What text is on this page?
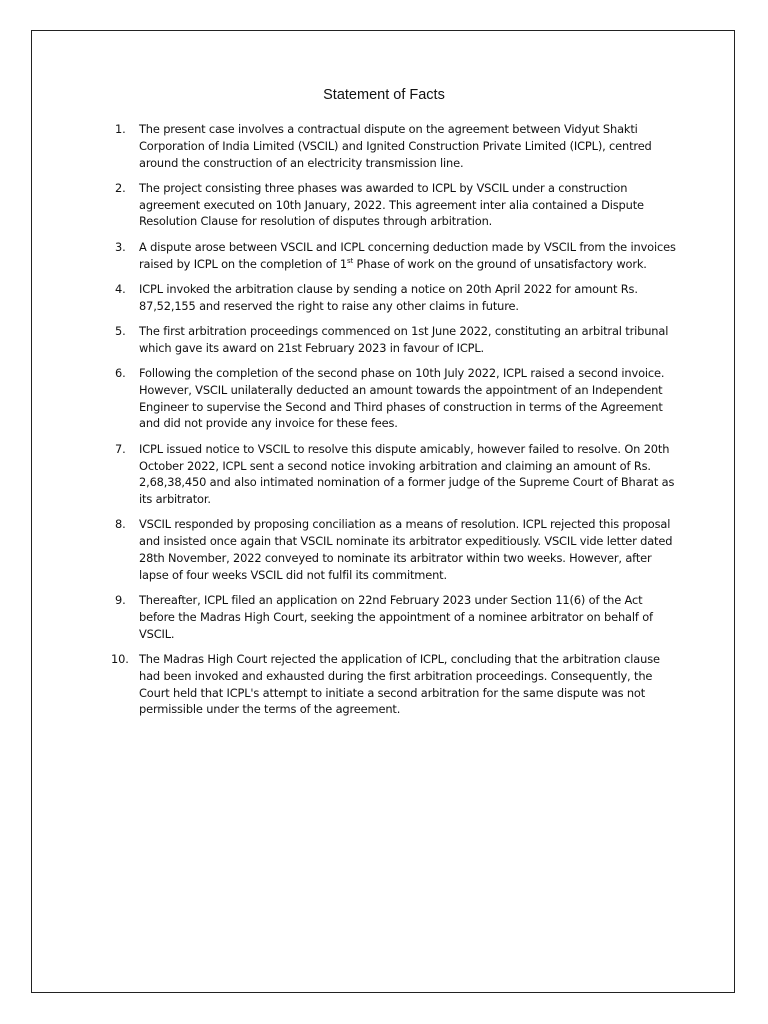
Statement of Facts
1.	The present case involves a contractual dispute on the agreement between Vidyut Shakti Corporation of India Limited (VSCIL) and Ignited Construction Private Limited (ICPL), centred around the construction of an electricity transmission line.
2.	The project consisting three phases was awarded to ICPL by VSCIL under a construction agreement executed on 10th January, 2022. This agreement inter alia contained a Dispute Resolution Clause for resolution of disputes through arbitration.
3.	A dispute arose between VSCIL and ICPL concerning deduction made by VSCIL from the invoices raised by ICPL on the completion of 1st Phase of work on the ground of unsatisfactory work.
4.	ICPL invoked the arbitration clause by sending a notice on 20th April 2022 for amount Rs. 87,52,155 and reserved the right to raise any other claims in future.
5.	The first arbitration proceedings commenced on 1st June 2022, constituting an arbitral tribunal which gave its award on 21st February 2023 in favour of ICPL.
6.	Following the completion of the second phase on 10th July 2022, ICPL raised a second invoice. However, VSCIL unilaterally deducted an amount towards the appointment of an Independent Engineer to supervise the Second and Third phases of construction in terms of the Agreement and did not provide any invoice for these fees.
7.	ICPL issued notice to VSCIL to resolve this dispute amicably, however failed to resolve. On 20th October 2022, ICPL sent a second notice invoking arbitration and claiming an amount of Rs. 2,68,38,450 and also intimated nomination of a former judge of the Supreme Court of Bharat as its arbitrator.
8.	VSCIL responded by proposing conciliation as a means of resolution. ICPL rejected this proposal and insisted once again that VSCIL nominate its arbitrator expeditiously. VSCIL vide letter dated 28th November, 2022 conveyed to nominate its arbitrator within two weeks. However, after lapse of four weeks VSCIL did not fulfil its commitment.
9.	Thereafter, ICPL filed an application on 22nd February 2023 under Section 11(6) of the Act before the Madras High Court, seeking the appointment of a nominee arbitrator on behalf of VSCIL.
10. The Madras High Court rejected the application of ICPL, concluding that the arbitration clause had been invoked and exhausted during the first arbitration proceedings. Consequently, the Court held that ICPL's attempt to initiate a second arbitration for the same dispute was not permissible under the terms of the agreement.
